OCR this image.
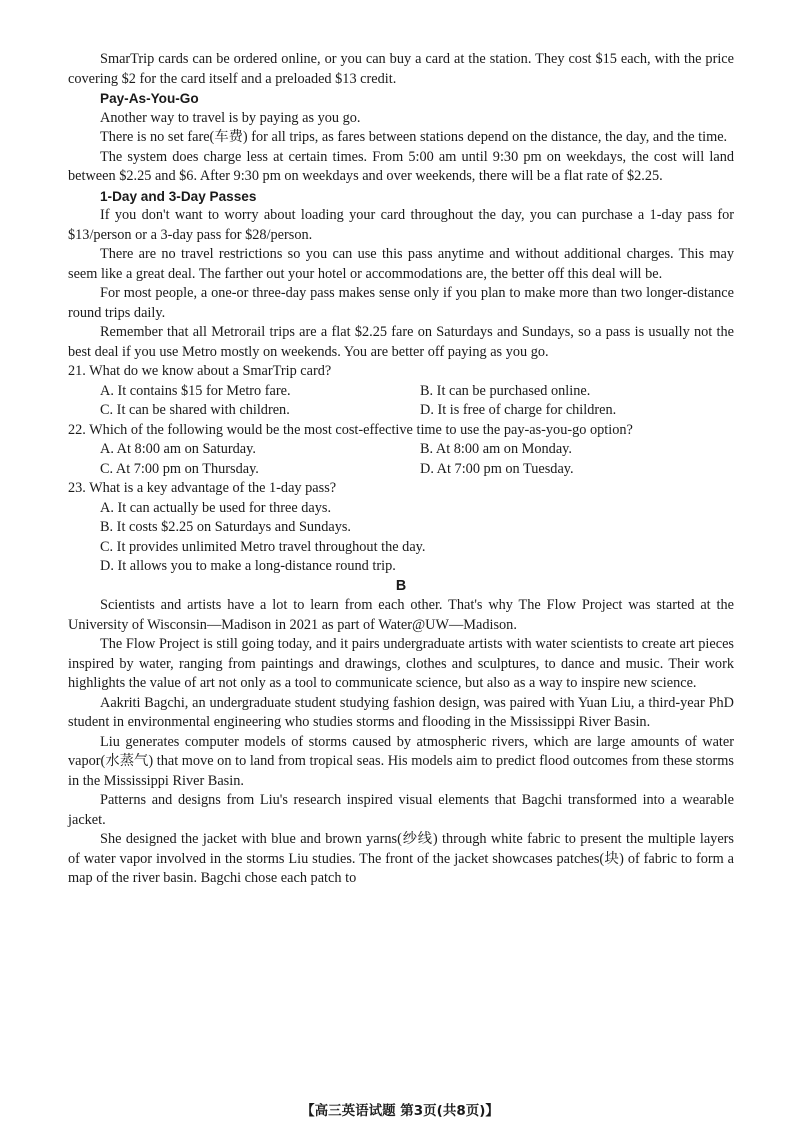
SmarTrip cards can be ordered online, or you can buy a card at the station. They cost $15 each, with the price covering $2 for the card itself and a preloaded $13 credit.

Pay-As-You-Go

Another way to travel is by paying as you go.

There is no set fare(车费) for all trips, as fares between stations depend on the distance, the day, and the time.

The system does charge less at certain times. From 5:00 am until 9:30 pm on weekdays, the cost will land between $2.25 and $6. After 9:30 pm on weekdays and over weekends, there will be a flat rate of $2.25.

1-Day and 3-Day Passes

If you don't want to worry about loading your card throughout the day, you can purchase a 1-day pass for $13/person or a 3-day pass for $28/person.

There are no travel restrictions so you can use this pass anytime and without additional charges. This may seem like a great deal. The farther out your hotel or accommodations are, the better off this deal will be.

For most people, a one-or three-day pass makes sense only if you plan to make more than two longer-distance round trips daily.

Remember that all Metrorail trips are a flat $2.25 fare on Saturdays and Sundays, so a pass is usually not the best deal if you use Metro mostly on weekends. You are better off paying as you go.

21. What do we know about a SmarTrip card?

A. It contains $15 for Metro fare.	B. It can be purchased online.
C. It can be shared with children.	D. It is free of charge for children.

22. Which of the following would be the most cost-effective time to use the pay-as-you-go option?

A. At 8:00 am on Saturday.	B. At 8:00 am on Monday.
C. At 7:00 pm on Thursday.	D. At 7:00 pm on Tuesday.

23. What is a key advantage of the 1-day pass?

A. It can actually be used for three days.
B. It costs $2.25 on Saturdays and Sundays.
C. It provides unlimited Metro travel throughout the day.
D. It allows you to make a long-distance round trip.

B

Scientists and artists have a lot to learn from each other. That's why The Flow Project was started at the University of Wisconsin—Madison in 2021 as part of Water@UW—Madison.

The Flow Project is still going today, and it pairs undergraduate artists with water scientists to create art pieces inspired by water, ranging from paintings and drawings, clothes and sculptures, to dance and music. Their work highlights the value of art not only as a tool to communicate science, but also as a way to inspire new science.

Aakriti Bagchi, an undergraduate student studying fashion design, was paired with Yuan Liu, a third-year PhD student in environmental engineering who studies storms and flooding in the Mississippi River Basin.

Liu generates computer models of storms caused by atmospheric rivers, which are large amounts of water vapor(水蒸气) that move on to land from tropical seas. His models aim to predict flood outcomes from these storms in the Mississippi River Basin.

Patterns and designs from Liu's research inspired visual elements that Bagchi transformed into a wearable jacket.

She designed the jacket with blue and brown yarns(纱线) through white fabric to present the multiple layers of water vapor involved in the storms Liu studies. The front of the jacket showcases patches(块) of fabric to form a map of the river basin. Bagchi chose each patch to

【高三英语试题 第3页(共8页)】
